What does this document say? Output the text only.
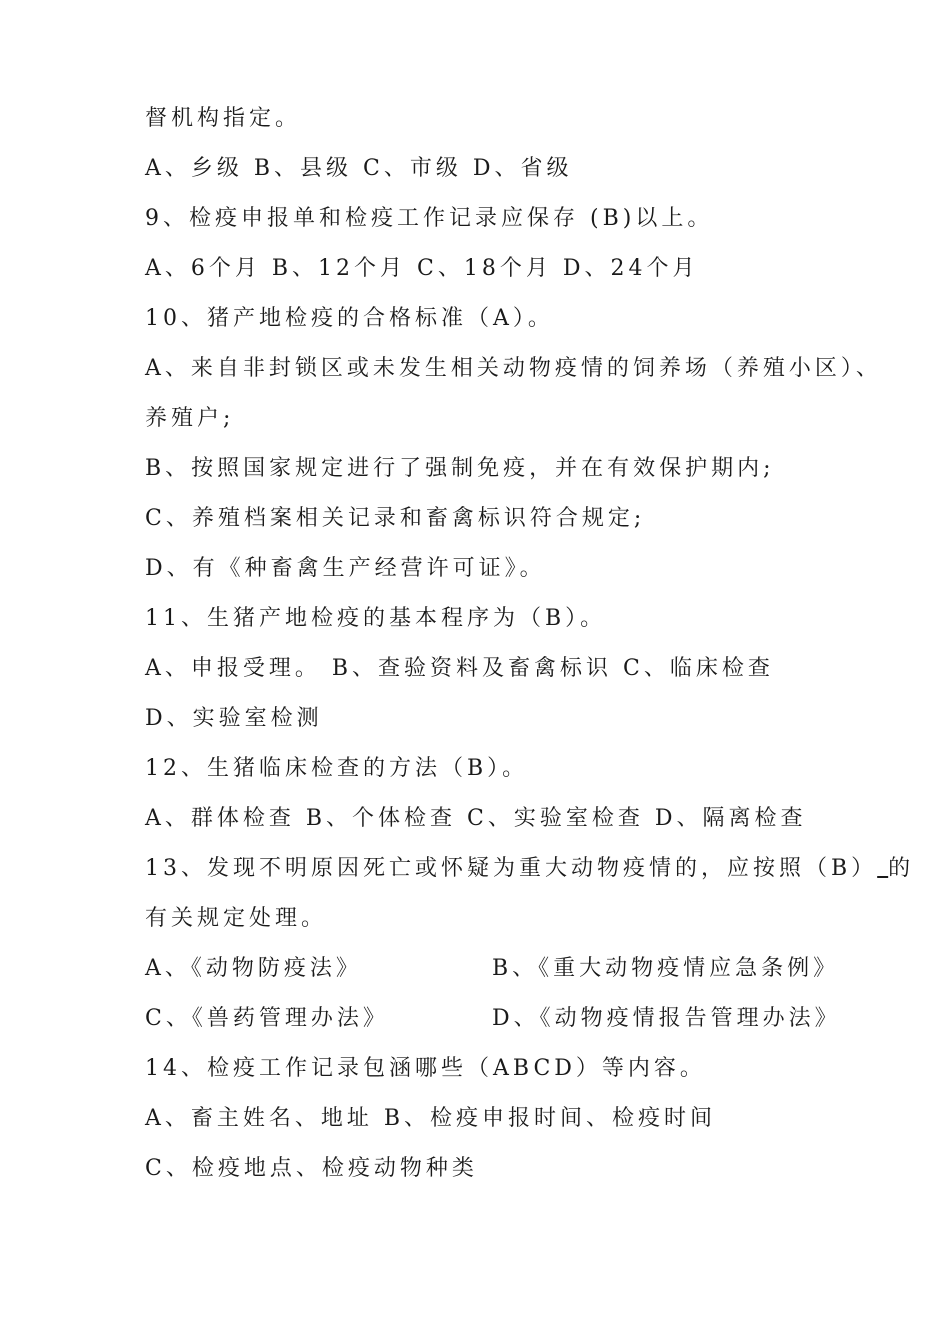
督机构指定。
A、乡级 B、县级 C、市级 D、省级
9、检疫申报单和检疫工作记录应保存 (B)以上。
A、6个月 B、12个月 C、18个月 D、24个月
10、猪产地检疫的合格标准（A）。
A、来自非封锁区或未发生相关动物疫情的饲养场（养殖小区）、
养殖户;
B、按照国家规定进行了强制免疫，并在有效保护期内;
C、养殖档案相关记录和畜禽标识符合规定;
D、有《种畜禽生产经营许可证》。
11、生猪产地检疫的基本程序为（B）。
A、申报受理。 B、查验资料及畜禽标识 C、临床检查
D、实验室检测
12、生猪临床检查的方法（B）。
A、群体检查 B、个体检查 C、实验室检查 D、隔离检查
13、发现不明原因死亡或怀疑为重大动物疫情的，应按照（B） 的
有关规定处理。
A、《动物防疫法》	B、《重大动物疫情应急条例》
C、《兽药管理办法》	D、《动物疫情报告管理办法》
14、检疫工作记录包涵哪些（ABCD）等内容。
A、畜主姓名、地址 B、检疫申报时间、检疫时间
C、检疫地点、检疫动物种类
